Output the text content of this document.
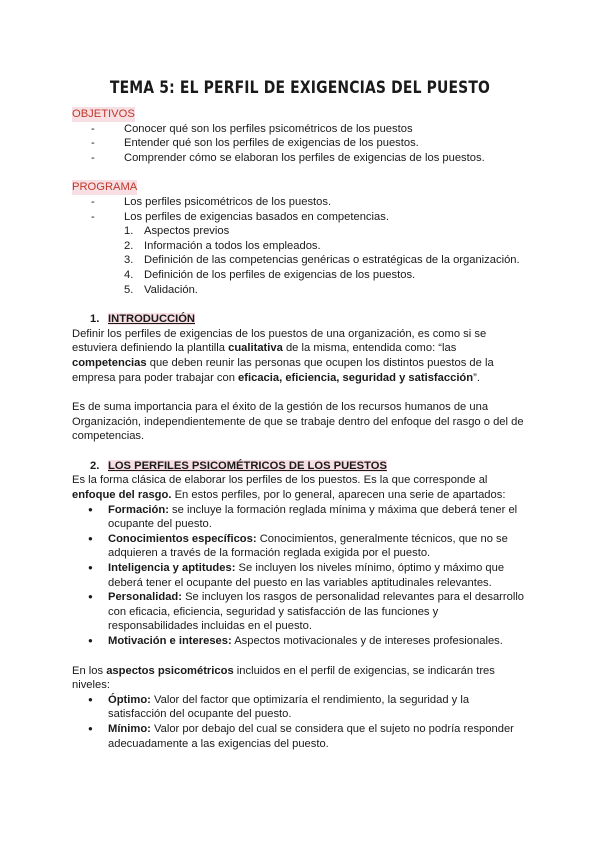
TEMA 5: EL PERFIL DE EXIGENCIAS DEL PUESTO
OBJETIVOS
- Conocer qué son los perfiles psicométricos de los puestos
- Entender qué son los perfiles de exigencias de los puestos.
- Comprender cómo se elaboran los perfiles de exigencias de los puestos.
PROGRAMA
- Los perfiles psicométricos de los puestos.
- Los perfiles de exigencias basados en competencias.
1. Aspectos previos
2. Información a todos los empleados.
3. Definición de las competencias genéricas o estratégicas de la organización.
4. Definición de los perfiles de exigencias de los puestos.
5. Validación.
1. INTRODUCCIÓN

Definir los perfiles de exigencias de los puestos de una organización, es como si se estuviera definiendo la plantilla cualitativa de la misma, entendida como: “las competencias que deben reunir las personas que ocupen los distintos puestos de la empresa para poder trabajar con eficacia, eficiencia, seguridad y satisfacción”.

Es de suma importancia para el éxito de la gestión de los recursos humanos de una Organización, independientemente de que se trabaje dentro del enfoque del rasgo o del de competencias.

2. LOS PERFILES PSICOMÉTRICOS DE LOS PUESTOS

Es la forma clásica de elaborar los perfiles de los puestos. Es la que corresponde al enfoque del rasgo. En estos perfiles, por lo general, aparecen una serie de apartados:

● Formación: se incluye la formación reglada mínima y máxima que deberá tener el ocupante del puesto.
● Conocimientos específicos: Conocimientos, generalmente técnicos, que no se adquieren a través de la formación reglada exigida por el puesto.
● Inteligencia y aptitudes: Se incluyen los niveles mínimo, óptimo y máximo que deberá tener el ocupante del puesto en las variables aptitudinales relevantes.
● Personalidad: Se incluyen los rasgos de personalidad relevantes para el desarrollo con eficacia, eficiencia, seguridad y satisfacción de las funciones y responsabilidades incluidas en el puesto.
● Motivación e intereses: Aspectos motivacionales y de intereses profesionales.

En los aspectos psicométricos incluidos en el perfil de exigencias, se indicarán tres niveles:

● Óptimo: Valor del factor que optimizaría el rendimiento, la seguridad y la satisfacción del ocupante del puesto.
● Mínimo: Valor por debajo del cual se considera que el sujeto no podría responder adecuadamente a las exigencias del puesto.
